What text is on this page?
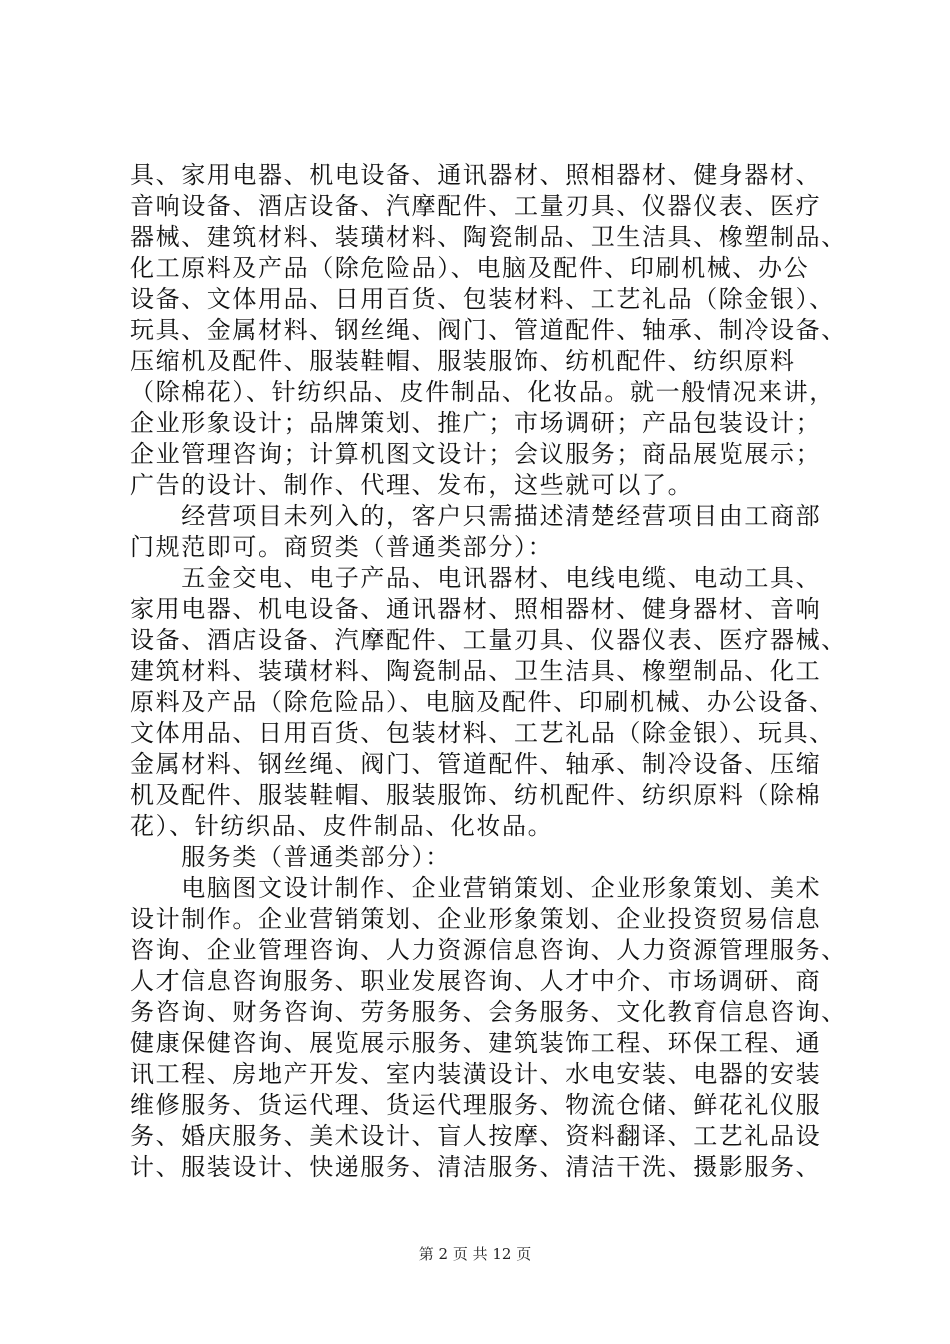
具、家用电器、机电设备、通讯器材、照相器材、健身器材、
音响设备、酒店设备、汽摩配件、工量刃具、仪器仪表、医疗
器械、建筑材料、装璜材料、陶瓷制品、卫生洁具、橡塑制品、
化工原料及产品（除危险品）、电脑及配件、印刷机械、办公
设备、文体用品、日用百货、包装材料、工艺礼品（除金银）、
玩具、金属材料、钢丝绳、阀门、管道配件、轴承、制冷设备、
压缩机及配件、服装鞋帽、服装服饰、纺机配件、纺织原料
（除棉花）、针纺织品、皮件制品、化妆品。就一般情况来讲，
企业形象设计；品牌策划、推广；市场调研；产品包装设计；
企业管理咨询；计算机图文设计；会议服务；商品展览展示；
广告的设计、制作、代理、发布，这些就可以了。
　　经营项目未列入的，客户只需描述清楚经营项目由工商部
门规范即可。商贸类（普通类部分）：
　　五金交电、电子产品、电讯器材、电线电缆、电动工具、
家用电器、机电设备、通讯器材、照相器材、健身器材、音响
设备、酒店设备、汽摩配件、工量刃具、仪器仪表、医疗器械、
建筑材料、装璜材料、陶瓷制品、卫生洁具、橡塑制品、化工
原料及产品（除危险品）、电脑及配件、印刷机械、办公设备、
文体用品、日用百货、包装材料、工艺礼品（除金银）、玩具、
金属材料、钢丝绳、阀门、管道配件、轴承、制冷设备、压缩
机及配件、服装鞋帽、服装服饰、纺机配件、纺织原料（除棉
花）、针纺织品、皮件制品、化妆品。
　　服务类（普通类部分）：
　　电脑图文设计制作、企业营销策划、企业形象策划、美术
设计制作。企业营销策划、企业形象策划、企业投资贸易信息
咨询、企业管理咨询、人力资源信息咨询、人力资源管理服务、
人才信息咨询服务、职业发展咨询、人才中介、市场调研、商
务咨询、财务咨询、劳务服务、会务服务、文化教育信息咨询、
健康保健咨询、展览展示服务、建筑装饰工程、环保工程、通
讯工程、房地产开发、室内装潢设计、水电安装、电器的安装
维修服务、货运代理、货运代理服务、物流仓储、鲜花礼仪服
务、婚庆服务、美术设计、盲人按摩、资料翻译、工艺礼品设
计、服装设计、快递服务、清洁服务、清洁干洗、摄影服务、
第 2 页 共 12 页
